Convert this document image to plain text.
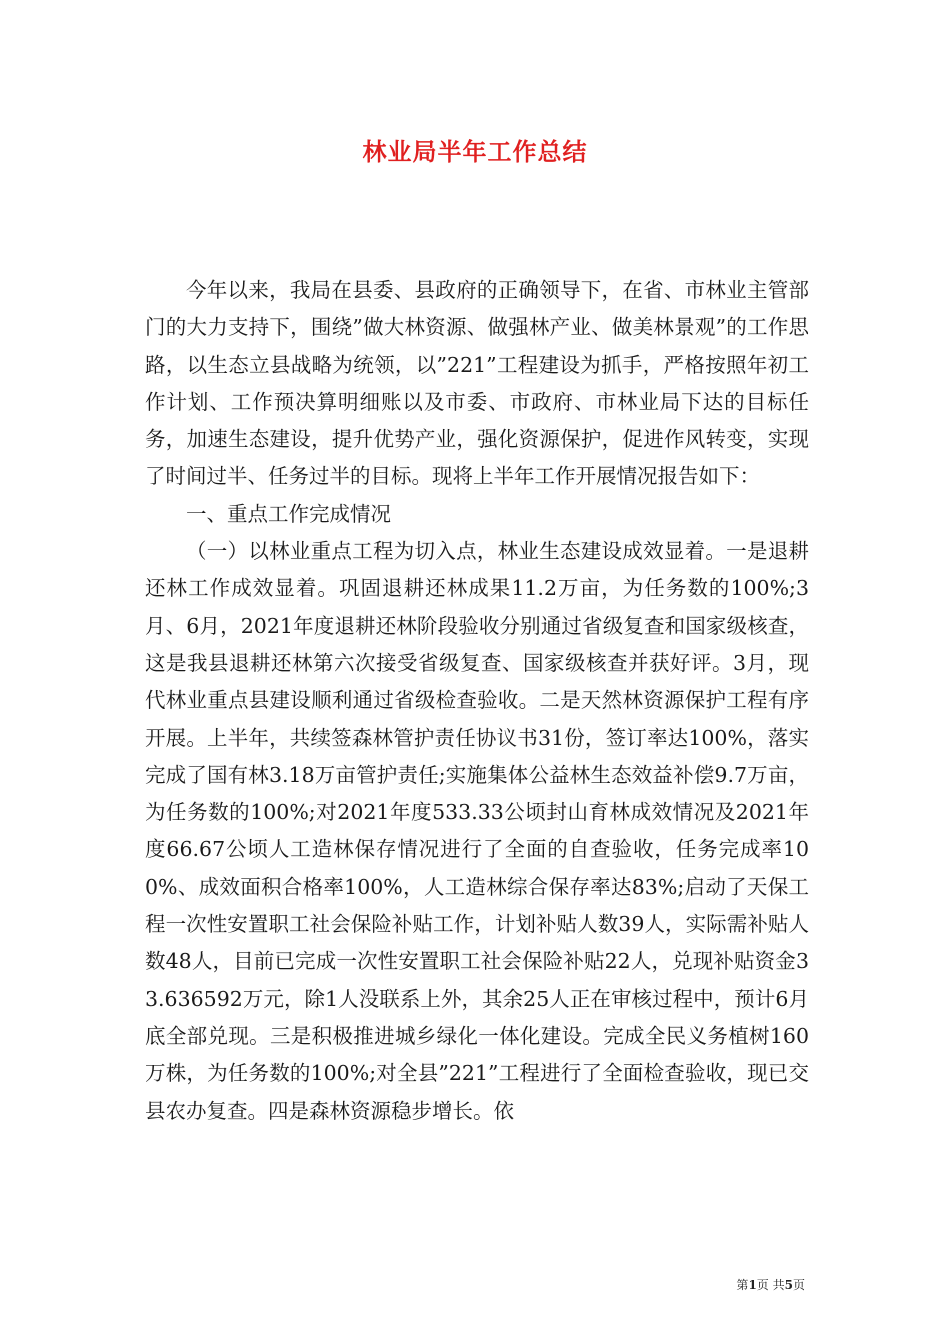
林业局半年工作总结

今年以来，我局在县委、县政府的正确领导下，在省、市林业主管部门的大力支持下，围绕”做大林资源、做强林产业、做美林景观”的工作思路，以生态立县战略为统领，以”221”工程建设为抓手，严格按照年初工作计划、工作预决算明细账以及市委、市政府、市林业局下达的目标任务，加速生态建设，提升优势产业，强化资源保护，促进作风转变，实现了时间过半、任务过半的目标。现将上半年工作开展情况报告如下：

一、重点工作完成情况

（一）以林业重点工程为切入点，林业生态建设成效显着。一是退耕还林工作成效显着。巩固退耕还林成果11.2万亩，为任务数的100%;3月、6月，2021年度退耕还林阶段验收分别通过省级复查和国家级核查，这是我县退耕还林第六次接受省级复查、国家级核查并获好评。3月，现代林业重点县建设顺利通过省级检查验收。二是天然林资源保护工程有序开展。上半年，共续签森林管护责任协议书31份，签订率达100%，落实完成了国有林3.18万亩管护责任;实施集体公益林生态效益补偿9.7万亩，为任务数的100%;对2021年度533.33公顷封山育林成效情况及2021年度66.67公顷人工造林保存情况进行了全面的自查验收，任务完成率100%、成效面积合格率100%，人工造林综合保存率达83%;启动了天保工程一次性安置职工社会保险补贴工作，计划补贴人数39人，实际需补贴人数48人，目前已完成一次性安置职工社会保险补贴22人，兑现补贴资金33.636592万元，除1人没联系上外，其余25人正在审核过程中，预计6月底全部兑现。三是积极推进城乡绿化一体化建设。完成全民义务植树160万株，为任务数的100%;对全县”221”工程进行了全面检查验收，现已交县农办复查。四是森林资源稳步增长。依

第1页 共5页
